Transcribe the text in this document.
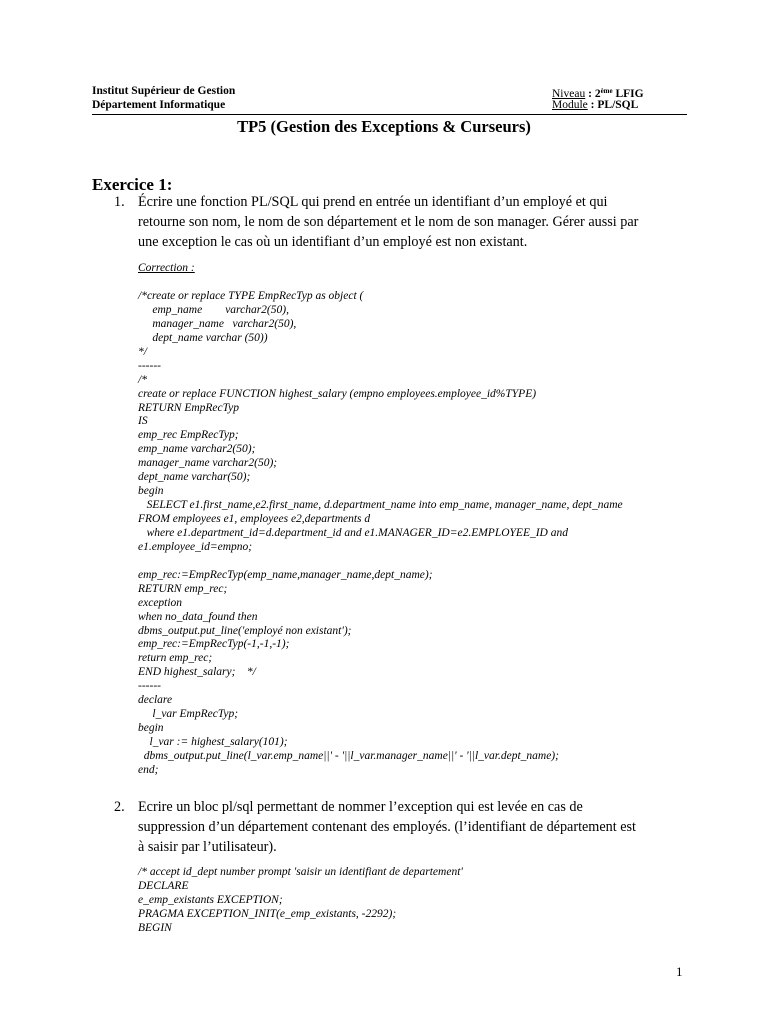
Institut Supérieur de Gestion	Niveau : 2ème LFIG
Département Informatique	Module : PL/SQL
TP5 (Gestion des Exceptions & Curseurs)
Exercice 1:
1. Écrire une fonction PL/SQL qui prend en entrée un identifiant d’un employé et qui
retourne son nom, le nom de son département et le nom de son manager. Gérer aussi par
une exception le cas où un identifiant d’un employé est non existant.
Correction :
/*create or replace TYPE EmpRecTyp as object (
emp_name        varchar2(50),
manager_name   varchar2(50),
dept_name varchar (50))
*/
------
/*
create or replace FUNCTION highest_salary (empno employees.employee_id%TYPE)
RETURN EmpRecTyp
IS
emp_rec EmpRecTyp;
emp_name varchar2(50);
manager_name varchar2(50);
dept_name varchar(50);
begin
SELECT e1.first_name,e2.first_name, d.department_name into emp_name, manager_name, dept_name
FROM employees e1, employees e2,departments d
where e1.department_id=d.department_id and e1.MANAGER_ID=e2.EMPLOYEE_ID and
e1.employee_id=empno;
emp_rec:=EmpRecTyp(emp_name,manager_name,dept_name);
RETURN emp_rec;
exception
when no_data_found then
dbms_output.put_line('employé non existant');
emp_rec:=EmpRecTyp(-1,-1,-1);
return emp_rec;
END highest_salary;    */
------
declare
l_var EmpRecTyp;
begin
l_var := highest_salary(101);
dbms_output.put_line(l_var.emp_name||' - '||l_var.manager_name||' - '||l_var.dept_name);
end;
2. Ecrire un bloc pl/sql permettant de nommer l’exception qui est levée en cas de
suppression d’un département contenant des employés. (l’identifiant de département est
à saisir par l’utilisateur).
/* accept id_dept number prompt 'saisir un identifiant de departement'
DECLARE
e_emp_existants EXCEPTION;
PRAGMA EXCEPTION_INIT(e_emp_existants, -2292);
BEGIN
1
